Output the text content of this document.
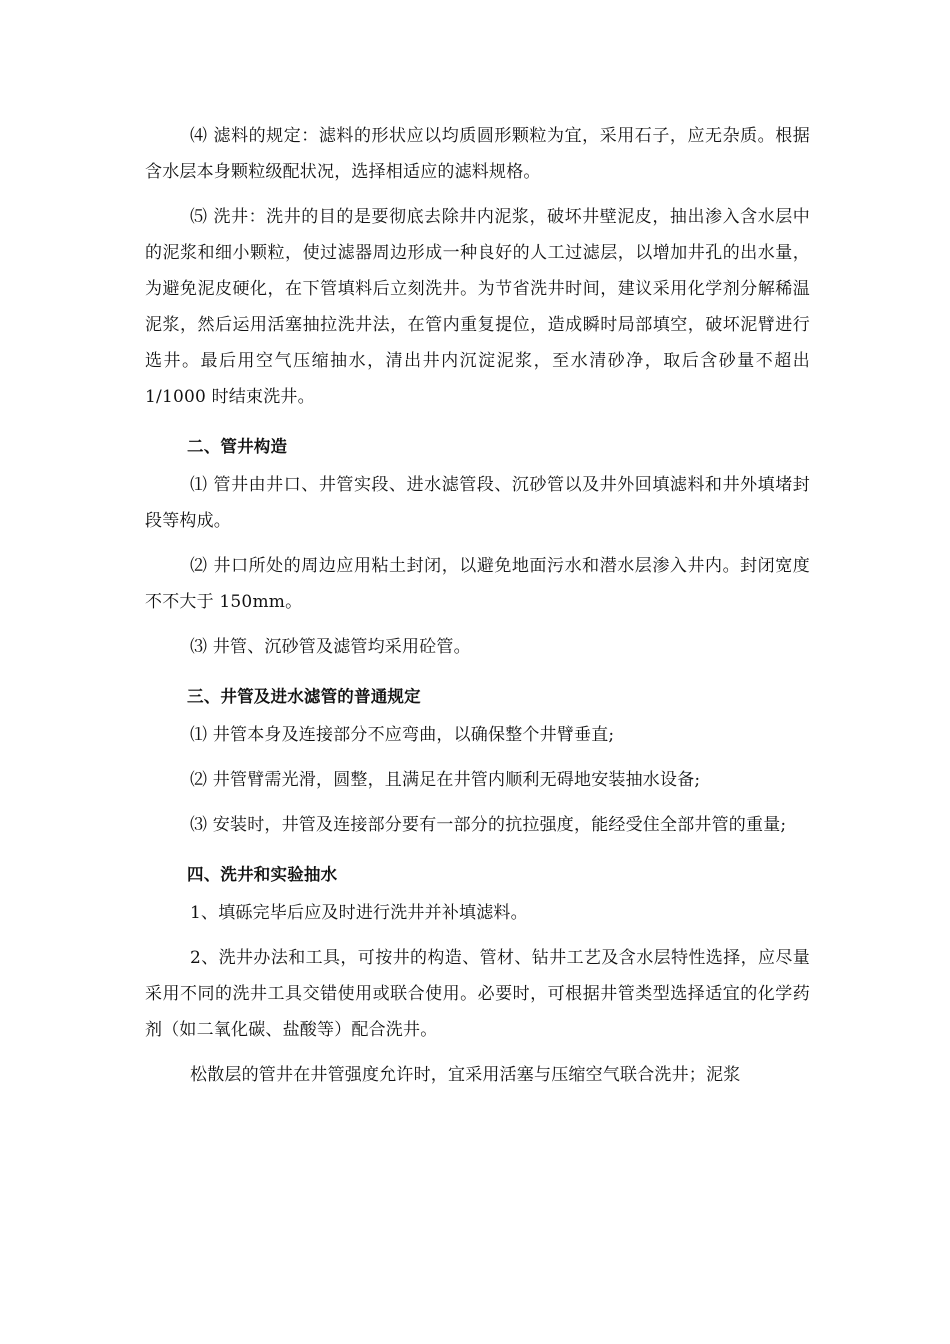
⑷ 滤料的规定：滤料的形状应以均质圆形颗粒为宜，采用石子，应无杂质。根据含水层本身颗粒级配状况，选择相适应的滤料规格。

⑸ 洗井：洗井的目的是要彻底去除井内泥浆，破坏井壁泥皮，抽出渗入含水层中的泥浆和细小颗粒，使过滤器周边形成一种良好的人工过滤层，以增加井孔的出水量，为避免泥皮硬化，在下管填料后立刻洗井。为节省洗井时间，建议采用化学剂分解稀温泥浆，然后运用活塞抽拉洗井法，在管内重复提位，造成瞬时局部填空，破坏泥臂进行选井。最后用空气压缩抽水，清出井内沉淀泥浆，至水清砂净，取后含砂量不超出 1/1000 时结束洗井。

二、管井构造

⑴ 管井由井口、井管实段、进水滤管段、沉砂管以及井外回填滤料和井外填堵封段等构成。

⑵ 井口所处的周边应用粘土封闭，以避免地面污水和潜水层渗入井内。封闭宽度不不大于 150mm。

⑶ 井管、沉砂管及滤管均采用砼管。

三、井管及进水滤管的普通规定

⑴ 井管本身及连接部分不应弯曲，以确保整个井臂垂直;

⑵ 井管臂需光滑，圆整，且满足在井管内顺利无碍地安装抽水设备;

⑶ 安装时，井管及连接部分要有一部分的抗拉强度，能经受住全部井管的重量;

四、洗井和实验抽水

1、填砾完毕后应及时进行洗井并补填滤料。

2、洗井办法和工具，可按井的构造、管材、钻井工艺及含水层特性选择，应尽量采用不同的洗井工具交错使用或联合使用。必要时，可根据井管类型选择适宜的化学药剂（如二氧化碳、盐酸等）配合洗井。

松散层的管井在井管强度允许时，宜采用活塞与压缩空气联合洗井；泥浆
